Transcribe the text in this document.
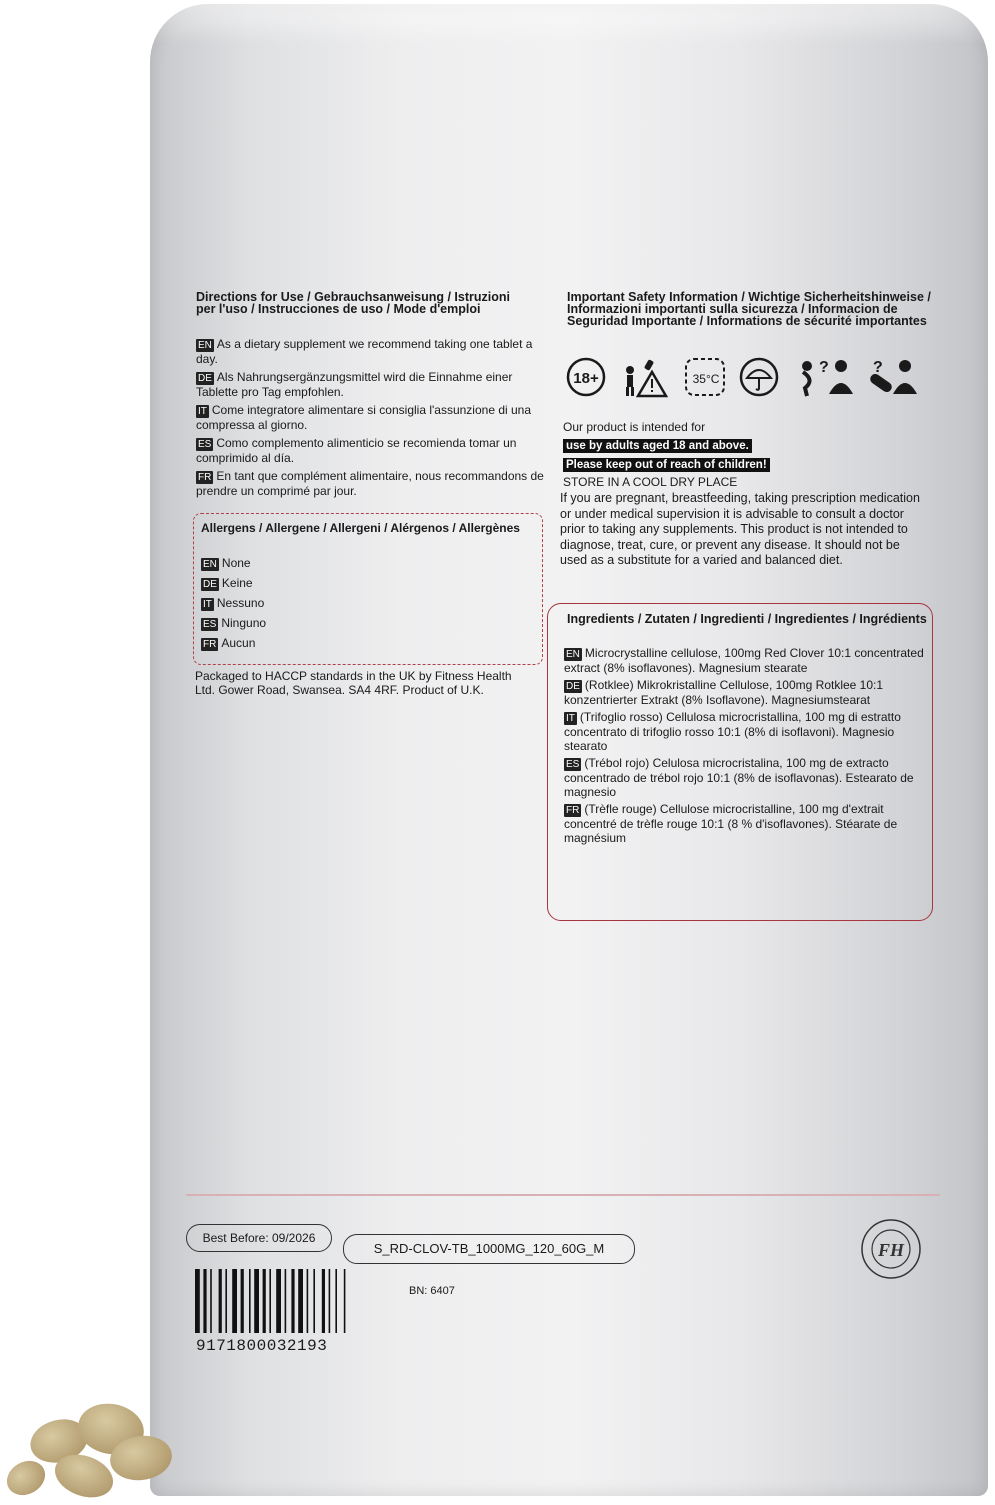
Directions for Use / Gebrauchsanweisung / Istruzioni per l'uso / Instrucciones de uso / Mode d'emploi
EN As a dietary supplement we recommend taking one tablet a day.
DE Als Nahrungsergänzungsmittel wird die Einnahme einer Tablette pro Tag empfohlen.
IT Come integratore alimentare si consiglia l'assunzione di una compressa al giorno.
ES Como complemento alimenticio se recomienda tomar un comprimido al día.
FR En tant que complément alimentaire, nous recommandons de prendre un comprimé par jour.
Allergens / Allergene / Allergeni / Alérgenos / Allergènes
EN None
DE Keine
IT Nessuno
ES Ninguno
FR Aucun
Packaged to HACCP standards in the UK by Fitness Health Ltd. Gower Road, Swansea. SA4 4RF. Product of U.K.
Important Safety Information / Wichtige Sicherheitshinweise / Informazioni importanti sulla sicurezza / Informacion de Seguridad Importante / Informations de sécurité importantes
18+	35°C
?	?
Our product is intended for
use by adults aged 18 and above.
Please keep out of reach of children!
STORE IN A COOL DRY PLACE
If you are pregnant, breastfeeding, taking prescription medication or under medical supervision it is advisable to consult a doctor prior to taking any supplements. This product is not intended to diagnose, treat, cure, or prevent any disease. It should not be used as a substitute for a varied and balanced diet.
Ingredients / Zutaten / Ingredienti / Ingredientes / Ingrédients
EN Microcrystalline cellulose, 100mg Red Clover 10:1 concentrated extract (8% isoflavones). Magnesium stearate
DE (Rotklee) Mikrokristalline Cellulose, 100mg Rotklee 10:1 konzentrierter Extrakt (8% Isoflavone). Magnesiumstearat
IT (Trifoglio rosso) Cellulosa microcristallina, 100 mg di estratto concentrato di trifoglio rosso 10:1 (8% di isoflavoni). Magnesio stearato
ES (Trébol rojo) Celulosa microcristalina, 100 mg de extracto concentrado de trébol rojo 10:1 (8% de isoflavonas). Estearato de magnesio
FR (Trèfle rouge) Cellulose microcristalline, 100 mg d'extrait concentré de trèfle rouge 10:1 (8 % d'isoflavones). Stéarate de magnésium
Best Before: 09/2026
S_RD-CLOV-TB_1000MG_120_60G_M	FH
BN: 6407
9171800032193
